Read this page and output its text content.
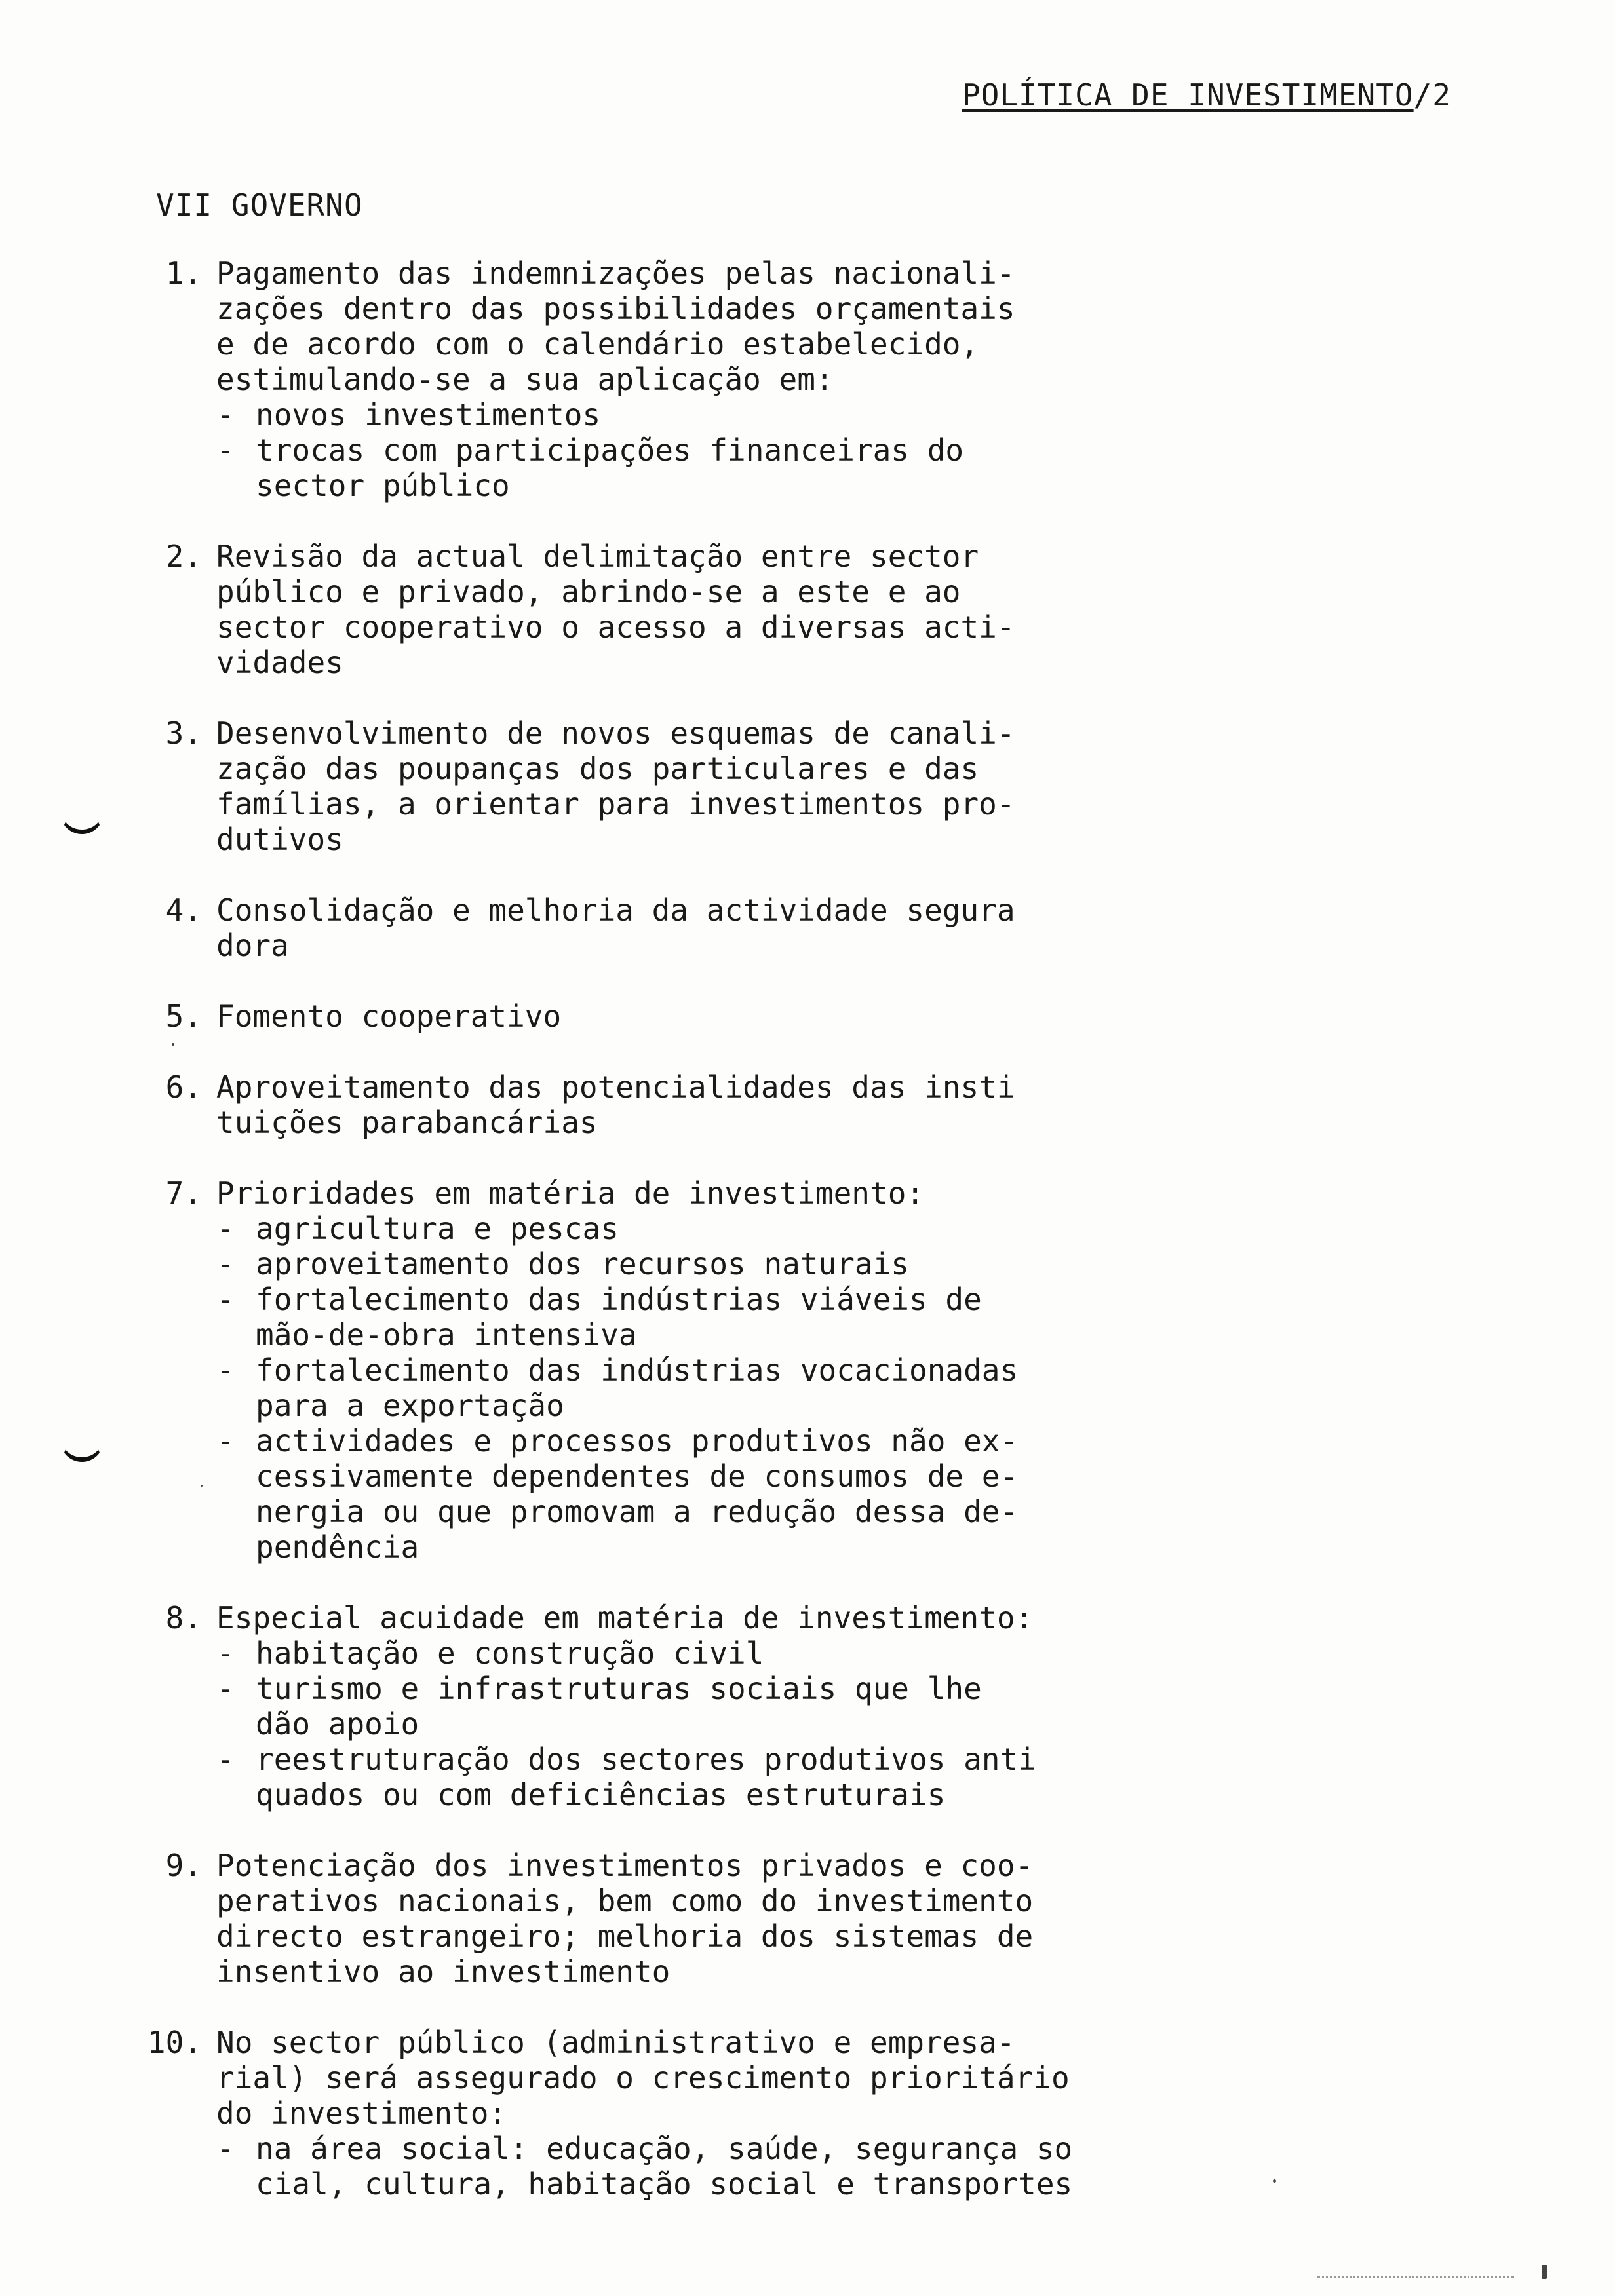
POLÍTICA DE INVESTIMENTO/2
VII GOVERNO
1. Pagamento das indemnizações pelas nacionali-
zações dentro das possibilidades orçamentais
e de acordo com o calendário estabelecido,
estimulando-se a sua aplicação em:
- novos investimentos
- trocas com participações financeiras do
sector público
2. Revisão da actual delimitação entre sector
público e privado, abrindo-se a este e ao
sector cooperativo o acesso a diversas acti-
vidades
3. Desenvolvimento de novos esquemas de canali-
zação das poupanças dos particulares e das
famílias, a orientar para investimentos pro-
dutivos
4. Consolidação e melhoria da actividade segura
dora
5. Fomento cooperativo
6. Aproveitamento das potencialidades das insti
tuições parabancárias
7. Prioridades em matéria de investimento:
- agricultura e pescas
- aproveitamento dos recursos naturais
- fortalecimento das indústrias viáveis de
mão-de-obra intensiva
- fortalecimento das indústrias vocacionadas
para a exportação
- actividades e processos produtivos não ex-
cessivamente dependentes de consumos de e-
nergia ou que promovam a redução dessa de-
pendência
8. Especial acuidade em matéria de investimento:
- habitação e construção civil
- turismo e infrastruturas sociais que lhe
dão apoio
- reestruturação dos sectores produtivos anti
quados ou com deficiências estruturais
9. Potenciação dos investimentos privados e coo-
perativos nacionais, bem como do investimento
directo estrangeiro; melhoria dos sistemas de
insentivo ao investimento
10. No sector público (administrativo e empresa-
rial) será assegurado o crescimento prioritário
do investimento:
- na área social: educação, saúde, segurança so
cial, cultura, habitação social e transportes
